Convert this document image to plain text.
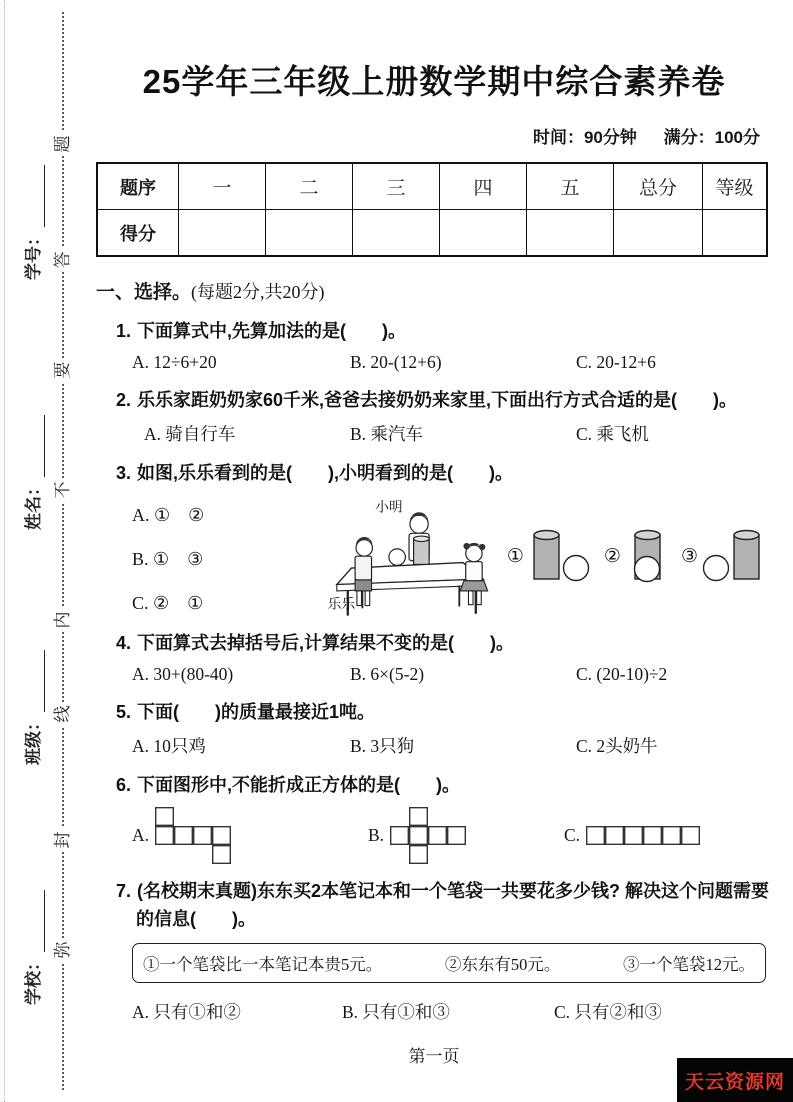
题
答
要
不
内
线
封
弥
学号：
姓名：
班级：
学校：
25学年三年级上册数学期中综合素养卷
时间：90分钟 满分：100分
题序	一	二	三	四	五	总分	等级
得分							
一、选择。(每题2分,共20分)
1. 下面算式中,先算加法的是(　　)。
A. 12÷6+20	B. 20-(12+6)	C. 20-12+6
2. 乐乐家距奶奶家60千米,爸爸去接奶奶来家里,下面出行方式合适的是(　　)。
A. 骑自行车	B. 乘汽车	C. 乘飞机
3. 如图,乐乐看到的是(　　),小明看到的是(　　)。
A. ①　②
B. ①　③
C. ②　①
小明
乐乐
①	②	③
4. 下面算式去掉括号后,计算结果不变的是(　　)。
A. 30+(80-40)	B. 6×(5-2)	C. (20-10)÷2
5. 下面(　　)的质量最接近1吨。
A. 10只鸡	B. 3只狗	C. 2头奶牛
6. 下面图形中,不能折成正方体的是(　　)。
A.	B.	C.
7. (名校期末真题)东东买2本笔记本和一个笔袋一共要花多少钱? 解决这个问题需要的信息(　　)。
①一个笔袋比一本笔记本贵5元。	②东东有50元。	③一个笔袋12元。
A. 只有①和②	B. 只有①和③	C. 只有②和③
第一页
天云资源网
